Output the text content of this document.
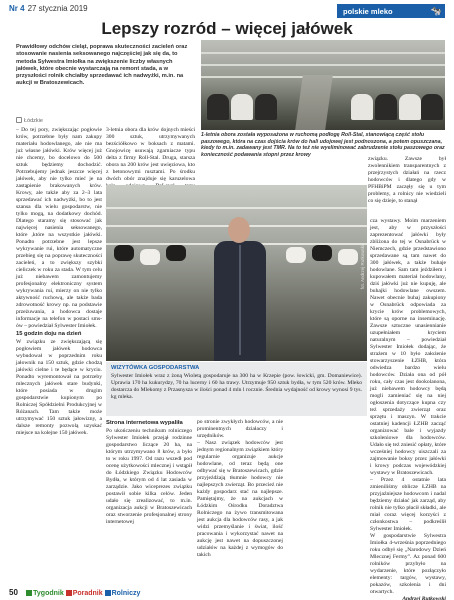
Nr 4 27 stycznia 2019	polskie mleko	🐄
Lepszy rozród – więcej jałówek

Prawidłowy odchów cieląt, poprawa skuteczności zacieleń oraz stosowanie nasienia seksowanego najczęściej jak się da, to metoda Sylwestra Imiołka na zwiększenie liczby własnych jałówek, które obecnie wystarczają na remont stada, a w przyszłości rolnik chciałby sprzedawać ich nadwyżki, m.in. na aukcji w Bratoszewicach.

Łódzkie

1-letnia obora została wyposażona w ruchomą podłogę Roll-Stal, stanowiącą część stołu paszowego, która na czas dojścia krów do hali udojowej jest podnoszona, a potem opuszczana, kiedy to m.in. zadawany jest TMR. Na to też nie wyeliminować zabrudzenie stołu paszowego oraz konieczność podawania stopni przez krowy

– Do tej pory, zwiększając pogłowie krów, potrzebne były nam zakupy materiału hodowlanego, ale nie ma już własne jałówki. Krów więcej już nie chcemy, bo docelowo do 500 sztuk będziemy dochodzić. Potrzebujemy jednak jeszcze więcej jałówek, aby nie tylko mieć je na zastąpienie brakowanych krów. Krowy, ale także aby za 2–3 lata sprzedawać ich nadwyżki, bo to jest szansa dla wielu gospodarstw, nie tylko mogą, na dodatkowy dochód. Dlatego staramy się stosować jak najwięcej nasienia seksowanego, które ,które na wszystkie jałówki. Ponadto potrzebne jest lepsze wykrywanie rui, które automatyczne przebieg się na poprawę skuteczności zacieleń, a to zwiększy szybki cieliczek w roku za stada. W tym celu już niebawem zamontujemy profesjonalny elektroniczny system wykrywania rui, mierzy on nie tylko aktywność ruchową, ale także bada zdrowotność krowy np. na podstawie przeżuwania, a hodowca dostaje informacje na telefon w postaci sms-ów – powiedział Sylwester Imiołek.

15 godzin doju na dzień

W związku ze zwiększającą się pogłowiem jałówek hodowca wybudował w poprzednim roku jałownik na 150 sztuk, gdzie chodzą jałówki cielne i te będące w kryciu. Ponadto wyremontował na potrzeby mlecznych jałówek stare budynki, które posiada w drugim gospodarstwie kupionym po Rolniczej Spółdzielni Produkcyjnej w Różanach. Tam także może utrzymywać 150 sztuk jałowizny, a dalsze remonty pozwolą uzyskać miejsce na kolejne 150 jałówek.

3-letnia obora dla krów dojnych mieści 300 sztuk, utrzymywanych bezściółkowo w boksach z matami. Gnojowicę usuwają zgarniacze typu delta z firmy Roll-Stal. Druga, starsza obora na 200 krów jest uwięziowa, kto z betonowymi rusztami. Po środku dwóch obór znajduje się karuzelowa

fot. Andrzej Rutkowski
WIZYTÓWKA GOSPODARSTWA

Sylwester Imiołek wraz z żoną Wioletą gospodaruje na 300 ha w Krzepie (pow. łowicki, gm. Domaniewice). Uprawia 170 ha kukurydzy, 70 ha lucerny i 60 ha trawy. Utrzymuje 950 sztuk bydła, w tym 520 krów. Mleko dostarcza do Mlekomy z Przasnysza w ilości ponad 4 mln l rocznie. Średnia wydajność od krowy wynosi 9 tys. kg mleka.

związku. Zawsze był zwolennikiem transparentnych z przejrzystych działań na rzecz hodowców i dlatego gdy w PFHBiPM zaczęły się u tym problemy, a rolnicy nie wiedzieli co się dzieje, to stanął

Strona internetowa wypaliła

Po ukończeniu technikum rolniczego Sylwester Imiołek przejął rodzinne gospodarstwo liczące 20 ha, na którym utrzymywano 8 krów, a było to w roku 1997. Od razu wszedł pod ocenę użytkowości mlecznej i wstąpił do Łódzkiego Związku Hodowców Bydła, w którym od 4 lat zasiada w zarządzie. Jako wiceprezes związku postawił sobie kilka celów. Jeden udało się zrealizować, to m.in. organizacja aukcji w Bratoszewicach oraz stworzenie profesjonalnej strony internetowej

po stronie zwykłych hodowców, a nie prominentnych działaczy i urzędników.

– Nasz związek hodowców jest jednym regionalnym związkiem który regularnie organizuje aukcje hodowlane, od teraz będą one odbywać się w Bratoszewicach, gdzie przyjeżdżają tłumnie hodowcy nie najlepszych zwierząt. Bo przecież nie każdy gospodarz stać na najlepsze. Pamiętajmy, że na aukcjach w Łódzkim Ośrodku Doradztwa Rolniczego na żywo transmitowana jest aukcja dla hodowców rasy, a jak widzi przemyślanie i świat, ilość pracowania i wykorzystać nawet na aukcję jest nawet na dopuszczonej udziałów na każdej z wymogów do takich

cza wystawy. Moim marzeniem jest, aby w przyszłości zaprezentować jałówki były zbliżona do tej w Osnabrück w Niemczech, gdzie przedstawiono sprzedawane są tam nawet do 300 jałówek, a także buhaje hodowlane. Sam tam jeździłem i kupowałem materiał hodowlany, dziś jałówki już nie kupuję, ale buhajki hodowlane owszem. Nawet obecnie buhaj zakupiony w Osnabrück odpowiada za krycie krów problemowych, które są oporne na inseminację. Zawsze sztuczne unasiennianie uzupełniałem kryciem naturalnym – powiedział Sylwester Imiołek dodając, że strażem w 10 było założenie stowarzyszenie ŁZHB, która odwiedza bardzo wielu hodowców. Działa ona od pół roku, cały czas jest dookolanona, już niebawem hodowcy będą mogli zamieniać się na niej ogłoszenia dotyczące kupna czy też sprzedaży zwierząt oraz sprzętu i maszyn. W trakcie ostatniej kadencji ŁZHB zacząć organizować bale i wyjazdy szkoleniowe dla hodowców. Udało się też zniesić opłaty, które wcześniej hodowcy uiszczali za zajmowanie boksy przez jałówki i krowy podczas wojewódzkiej wystawy w Bratoszewicach.

– Przez 4 ostatnie lata zmieniliśmy oblicze ŁZHB na przyjaźniejsze hodowcom i nadal będziemy działać jak zarząd, aby rolnik nie tylko płacił składki, ale miał coraz więcej korzyści z członkostwa – podkreślił Sylwester Imiołek.

W gospodarstwie Sylwestra Imiołka 4-września poprzedniego roku odbył się „Narodowy Dzień Mlecznej Fermy”. Az ponad 600 rolników przybyło na wydarzenie, które pozłączyło elementy: targów, wystawy, pokazów, szkolenia i dni otwartych.

Andrzej Rutkowski

50 Tygodnik Poradnik Rolniczy
